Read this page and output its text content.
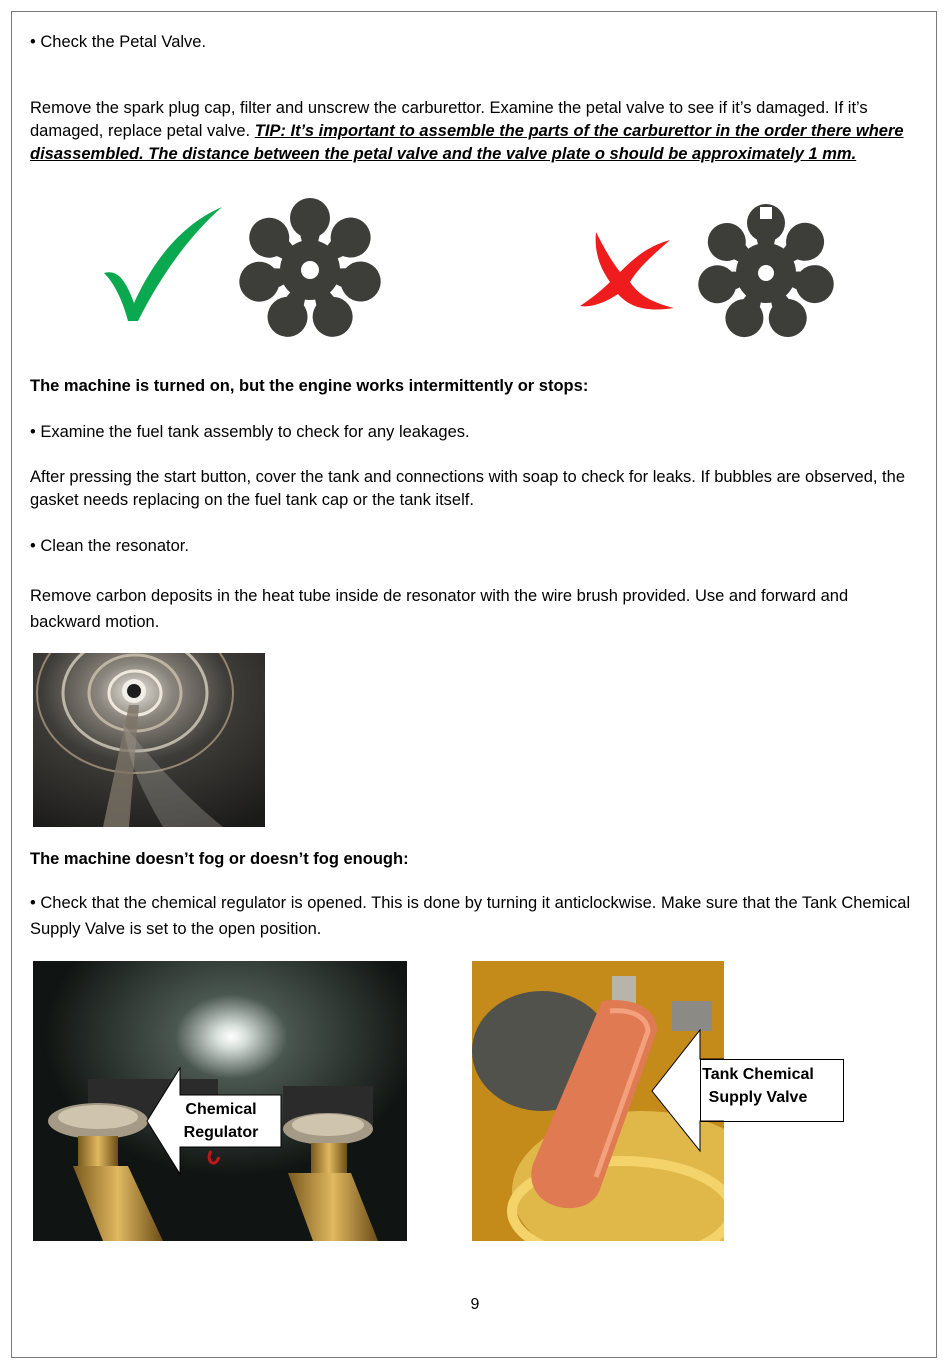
• Check the Petal Valve.
Remove the spark plug cap, filter and unscrew the carburettor. Examine the petal valve to see if it’s damaged. If it’s damaged, replace petal valve. TIP: It’s important to assemble the parts of the carburettor in the order there where disassembled. The distance between the petal valve and the valve plate o should be approximately 1 mm.
The machine is turned on, but the engine works intermittently or stops:
• Examine the fuel tank assembly to check for any leakages.
After pressing the start button, cover the tank and connections with soap to check for leaks. If bubbles are observed, the gasket needs replacing on the fuel tank cap or the tank itself.
• Clean the resonator.
Remove carbon deposits in the heat tube inside de resonator with the wire brush provided. Use and forward and backward motion.
The machine doesn’t fog or doesn’t fog enough:
• Check that the chemical regulator is opened. This is done by turning it anticlockwise. Make sure that the Tank Chemical Supply Valve is set to the open position.
Chemical
Regulator
Tank Chemical
Supply Valve
9
